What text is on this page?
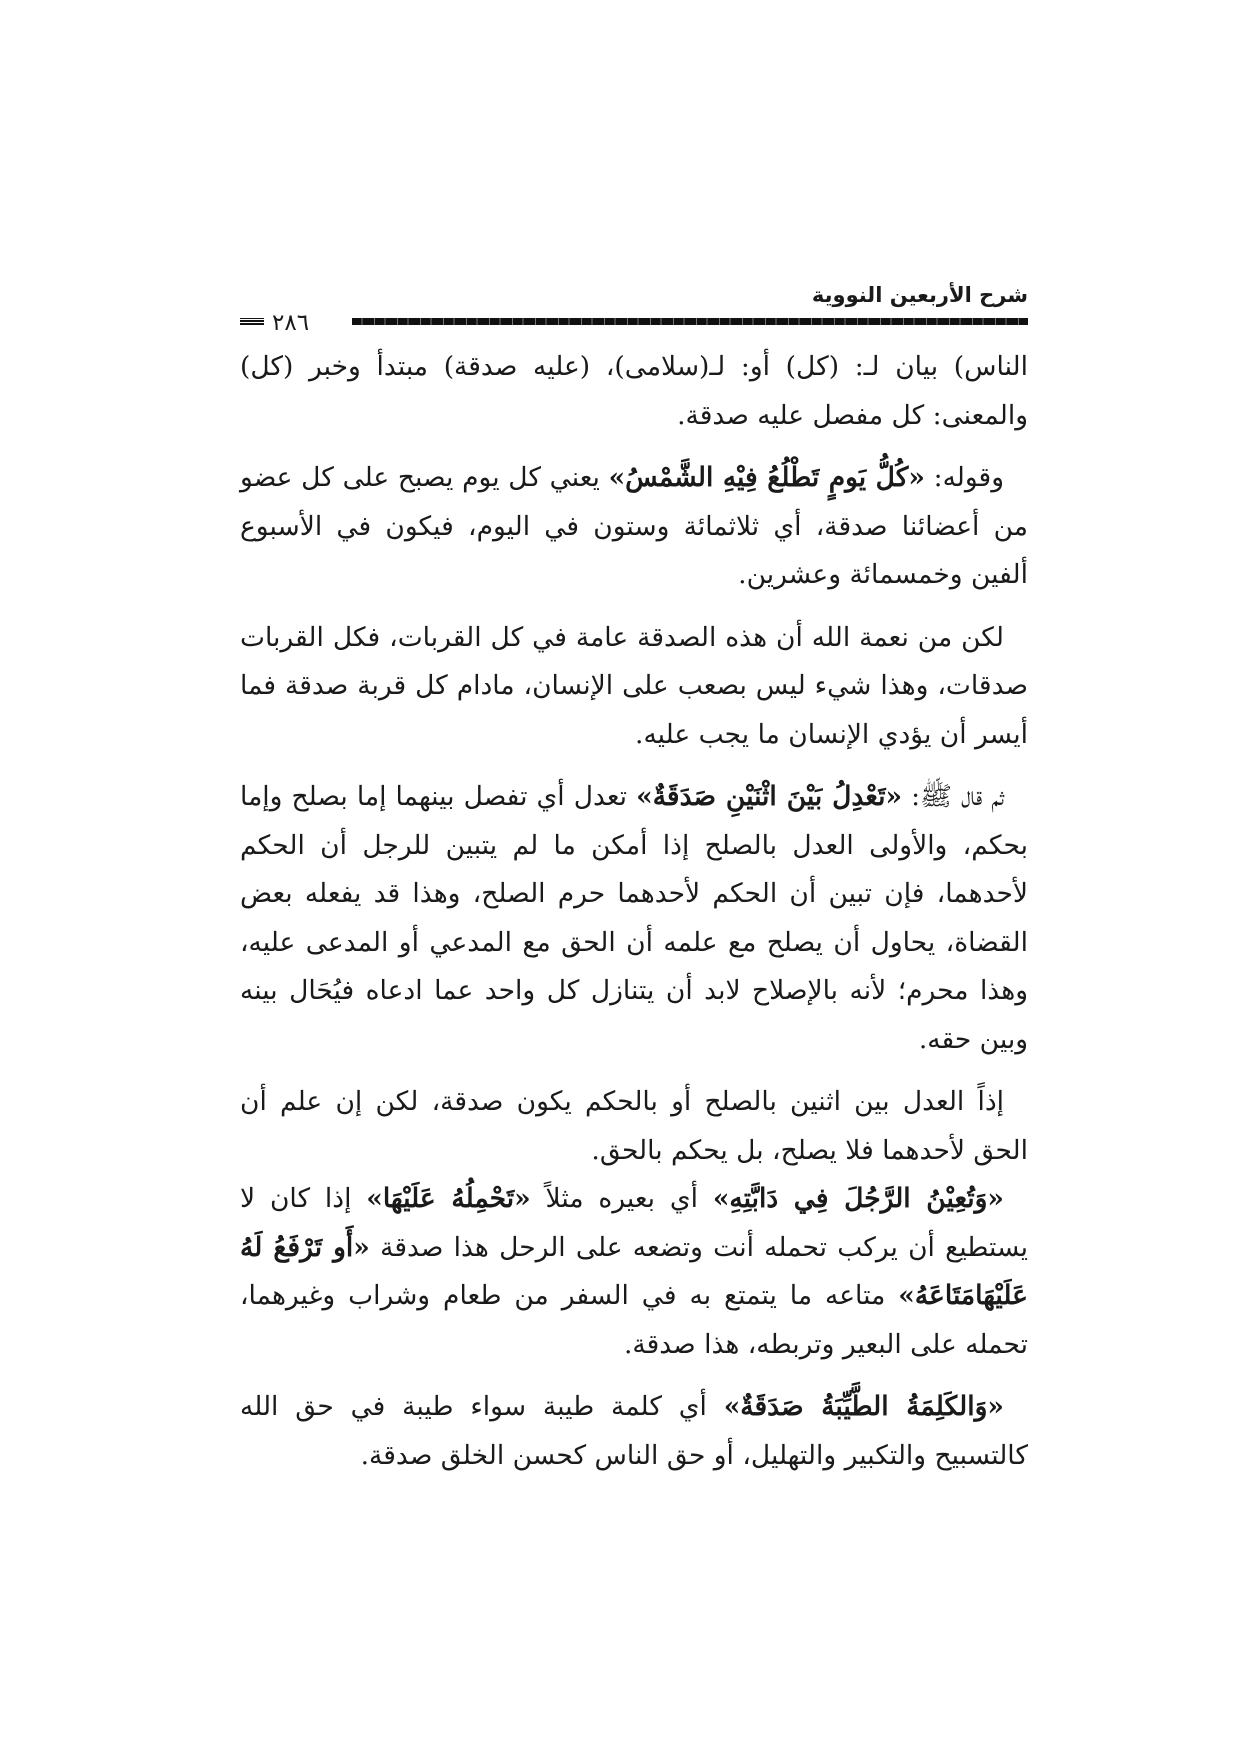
شرح الأربعين النووية
٢٨٦

الناس) بيان لـ: (كل) أو: لـ(سلامى)، (عليه صدقة) مبتدأ وخبر (كل) والمعنى: كل مفصل عليه صدقة.

وقوله: «كُلُّ يَومٍ تَطْلُعُ فِيْهِ الشَّمْسُ» يعني كل يوم يصبح على كل عضو من أعضائنا صدقة، أي ثلاثمائة وستون في اليوم، فيكون في الأسبوع ألفين وخمسمائة وعشرين.

لكن من نعمة الله أن هذه الصدقة عامة في كل القربات، فكل القربات صدقات، وهذا شيء ليس بصعب على الإنسان، مادام كل قربة صدقة فما أيسر أن يؤدي الإنسان ما يجب عليه.

ثم قال ﷺ: «تَعْدِلُ بَيْنَ اثْنَيْنِ صَدَقَةٌ» تعدل أي تفصل بينهما إما بصلح وإما بحكم، والأولى العدل بالصلح إذا أمكن ما لم يتبين للرجل أن الحكم لأحدهما، فإن تبين أن الحكم لأحدهما حرم الصلح، وهذا قد يفعله بعض القضاة، يحاول أن يصلح مع علمه أن الحق مع المدعي أو المدعى عليه، وهذا محرم؛ لأنه بالإصلاح لابد أن يتنازل كل واحد عما ادعاه فيُحَال بينه وبين حقه.

إذاً العدل بين اثنين بالصلح أو بالحكم يكون صدقة، لكن إن علم أن الحق لأحدهما فلا يصلح، بل يحكم بالحق.

«وَتُعِيْنُ الرَّجُلَ فِي دَابَّتِهِ» أي بعيره مثلاً «تَحْمِلُهُ عَلَيْهَا» إذا كان لا يستطيع أن يركب تحمله أنت وتضعه على الرحل هذا صدقة «أَو تَرْفَعُ لَهُ عَلَيْهَامَتَاعَهُ» متاعه ما يتمتع به في السفر من طعام وشراب وغيرهما، تحمله على البعير وتربطه، هذا صدقة.

«وَالكَلِمَةُ الطَّيِّبَةُ صَدَقَةٌ» أي كلمة طيبة سواء طيبة في حق الله كالتسبيح والتكبير والتهليل، أو حق الناس كحسن الخلق صدقة.
